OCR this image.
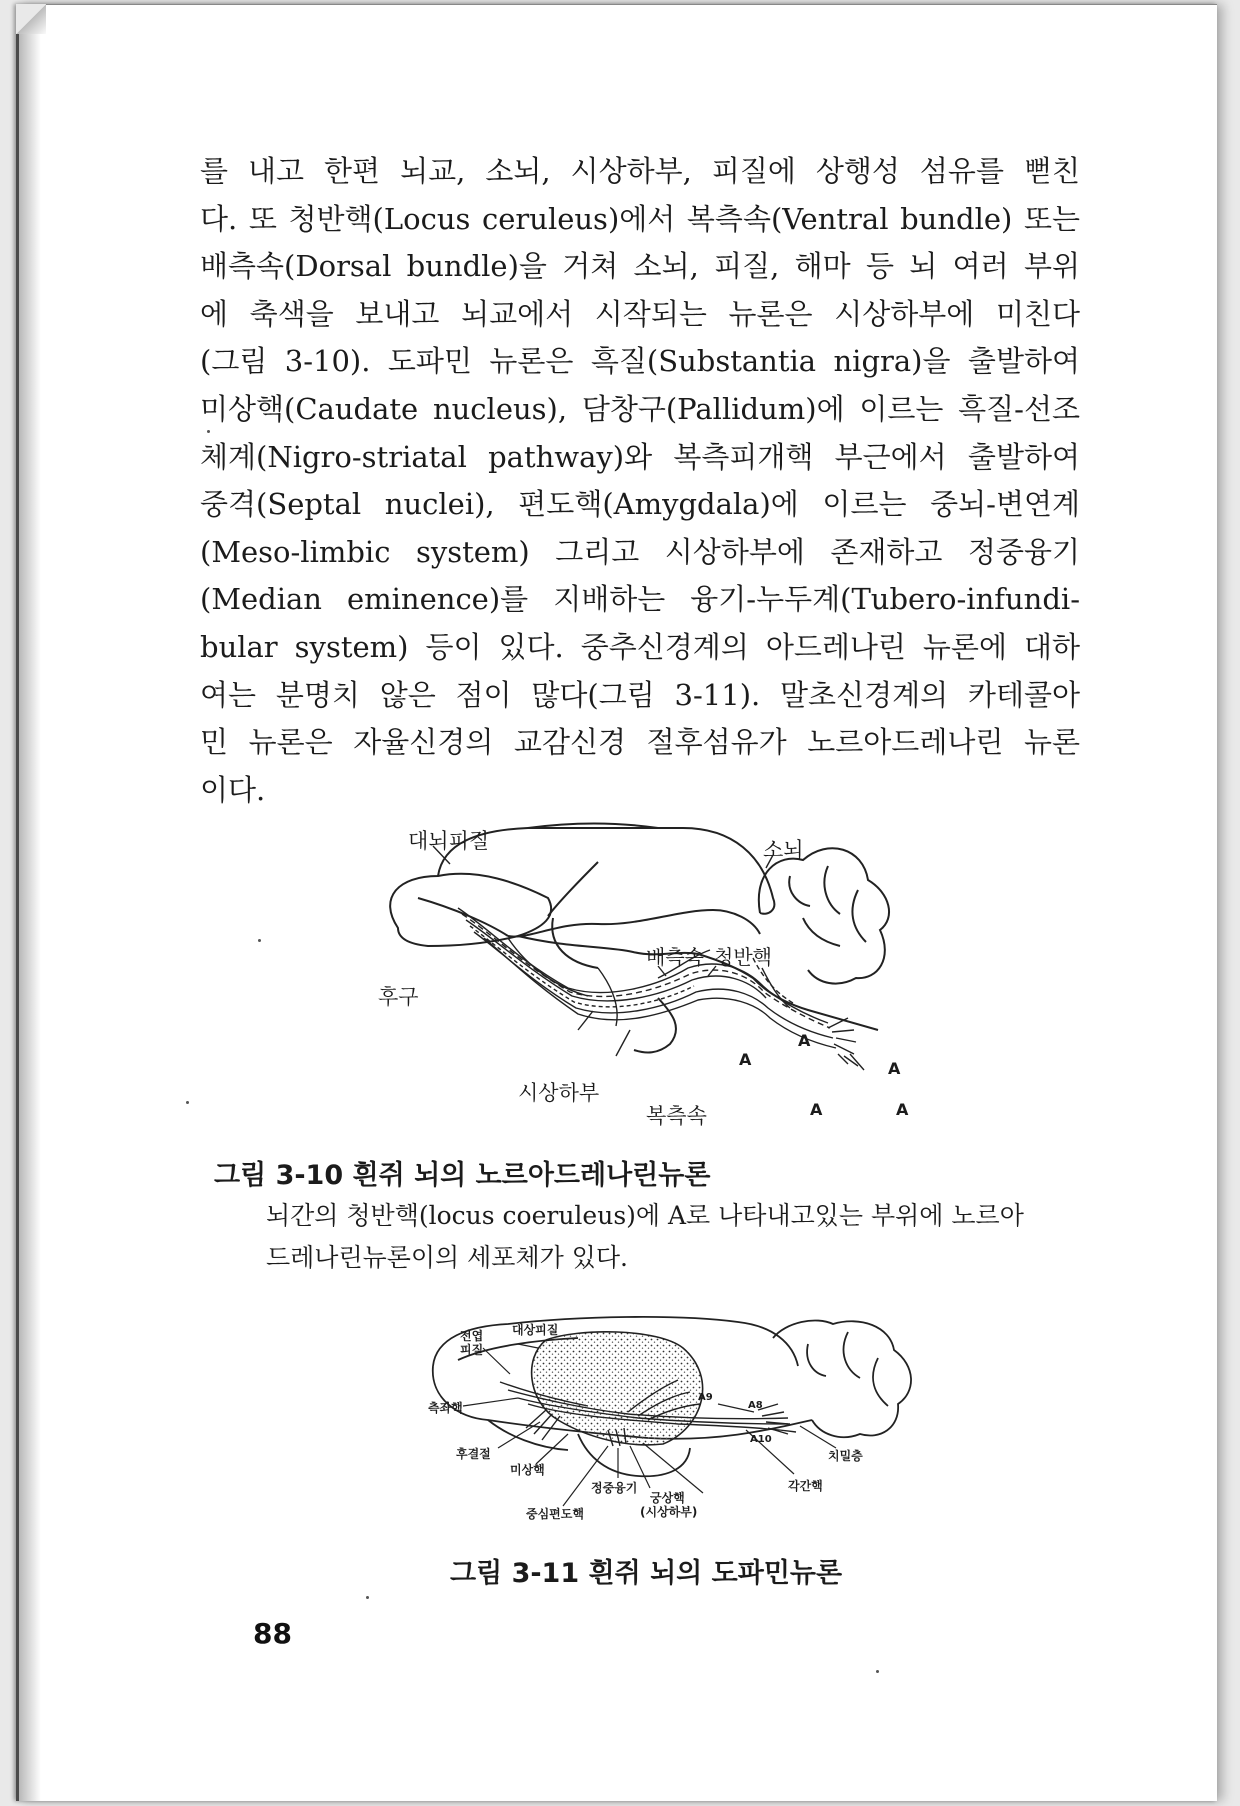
를 내고 한편 뇌교, 소뇌, 시상하부, 피질에 상행성 섬유를 뻗친
다. 또 청반핵(Locus ceruleus)에서 복측속(Ventral bundle) 또는
배측속(Dorsal bundle)을 거쳐 소뇌, 피질, 해마 등 뇌 여러 부위
에 축색을 보내고 뇌교에서 시작되는 뉴론은 시상하부에 미친다
(그림 3-10). 도파민 뉴론은 흑질(Substantia nigra)을 출발하여
미상핵(Caudate nucleus), 담창구(Pallidum)에 이르는 흑질-선조
체계(Nigro-striatal pathway)와 복측피개핵 부근에서 출발하여
중격(Septal nuclei), 편도핵(Amygdala)에 이르는 중뇌-변연계
(Meso-limbic system) 그리고 시상하부에 존재하고 정중융기
(Median eminence)를 지배하는 융기-누두계(Tubero-infundi-
bular system) 등이 있다. 중추신경계의 아드레나린 뉴론에 대하
여는 분명치 않은 점이 많다(그림 3-11). 말초신경계의 카테콜아
민 뉴론은 자율신경의 교감신경 절후섬유가 노르아드레나린 뉴론
이다.
대뇌피질	소뇌
후구
배측속 청반핵
시상하부
복측속
A
A
A
A	A

그림 3-10 흰쥐 뇌의 노르아드레나린뉴론

뇌간의 청반핵(locus coeruleus)에 A로 나타내고있는 부위에 노르아
드레나린뉴론이의 세포체가 있다.
전엽
피질
대상피질
측좌핵
후결절
미상핵
정중융기
궁상핵
(시상하부)
중심편도핵
A9
A8
A10
치밀층
각간핵

그림 3-11 흰쥐 뇌의 도파민뉴론

88
